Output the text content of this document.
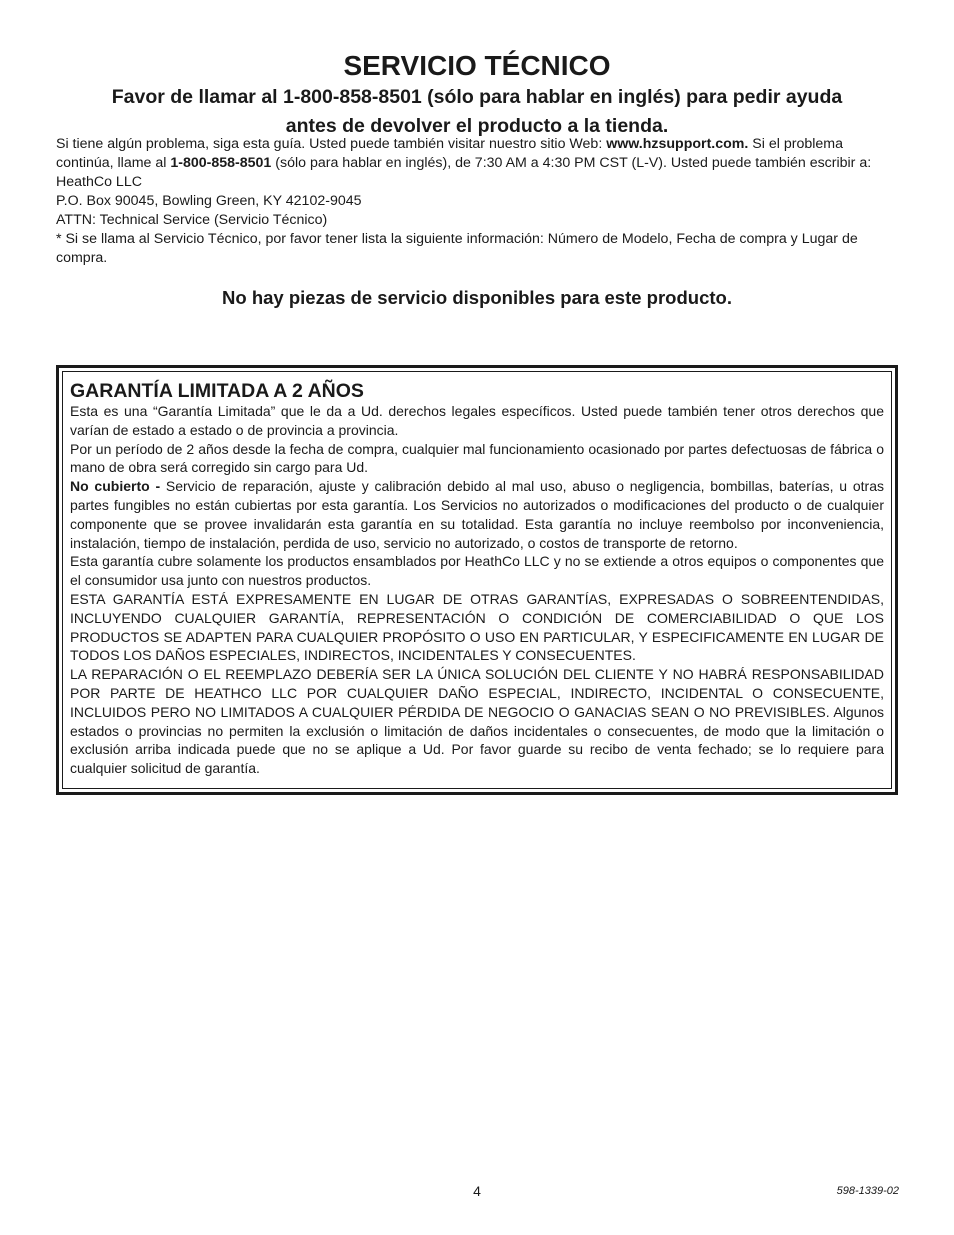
SERVICIO TÉCNICO
Favor de llamar al 1-800-858-8501 (sólo para hablar en inglés) para pedir ayuda
antes de devolver el producto a la tienda.

Si tiene algún problema, siga esta guía. Usted puede también visitar nuestro sitio Web: www.hzsupport.com. Si el problema continúa, llame al 1-800-858-8501 (sólo para hablar en inglés), de 7:30 AM a 4:30 PM CST (L-V). Usted puede también escribir a:

HeathCo LLC

P.O. Box 90045, Bowling Green, KY 42102-9045

ATTN: Technical Service (Servicio Técnico)

* Si se llama al Servicio Técnico, por favor tener lista la siguiente información: Número de Modelo, Fecha de compra y Lugar de compra.

No hay piezas de servicio disponibles para este producto.
GARANTÍA LIMITADA A 2 AÑOS

Esta es una “Garantía Limitada” que le da a Ud. derechos legales específicos. Usted puede también tener otros derechos que varían de estado a estado o de provincia a provincia.

Por un período de 2 años desde la fecha de compra, cualquier mal funcionamiento ocasionado por partes defectuosas de fábrica o mano de obra será corregido sin cargo para Ud.

No cubierto - Servicio de reparación, ajuste y calibración debido al mal uso, abuso o negligencia, bombillas, baterías, u otras partes fungibles no están cubiertas por esta garantía. Los Servicios no autorizados o modificaciones del producto o de cualquier componente que se provee invalidarán esta garantía en su totalidad. Esta garantía no incluye reembolso por inconveniencia, instalación, tiempo de instalación, perdida de uso, servicio no autorizado, o costos de transporte de retorno.

Esta garantía cubre solamente los productos ensamblados por HeathCo LLC y no se extiende a otros equipos o componentes que el consumidor usa junto con nuestros productos.

ESTA GARANTÍA ESTÁ EXPRESAMENTE EN LUGAR DE OTRAS GARANTÍAS, EXPRESADAS O SOBREENTENDIDAS, INCLUYENDO CUALQUIER GARANTÍA, REPRESENTACIÓN O CONDICIÓN DE COMERCIABILIDAD O QUE LOS PRODUCTOS SE ADAPTEN PARA CUALQUIER PROPÓSITO O USO EN PARTICULAR, Y ESPECIFICAMENTE EN LUGAR DE TODOS LOS DAÑOS ESPECIALES, INDIRECTOS, INCIDENTALES Y CONSECUENTES.

LA REPARACIÓN O EL REEMPLAZO DEBERÍA SER LA ÚNICA SOLUCIÓN DEL CLIENTE Y NO HABRÁ RESPONSABILIDAD POR PARTE DE HEATHCO LLC POR CUALQUIER DAÑO ESPECIAL, INDIRECTO, INCIDENTAL O CONSECUENTE, INCLUIDOS PERO NO LIMITADOS A CUALQUIER PÉRDIDA DE NEGOCIO O GANACIAS SEAN O NO PREVISIBLES. Algunos estados o provincias no permiten la exclusión o limitación de daños incidentales o consecuentes, de modo que la limitación o exclusión arriba indicada puede que no se aplique a Ud. Por favor guarde su recibo de venta fechado; se lo requiere para cualquier solicitud de garantía.

4	598-1339-02
